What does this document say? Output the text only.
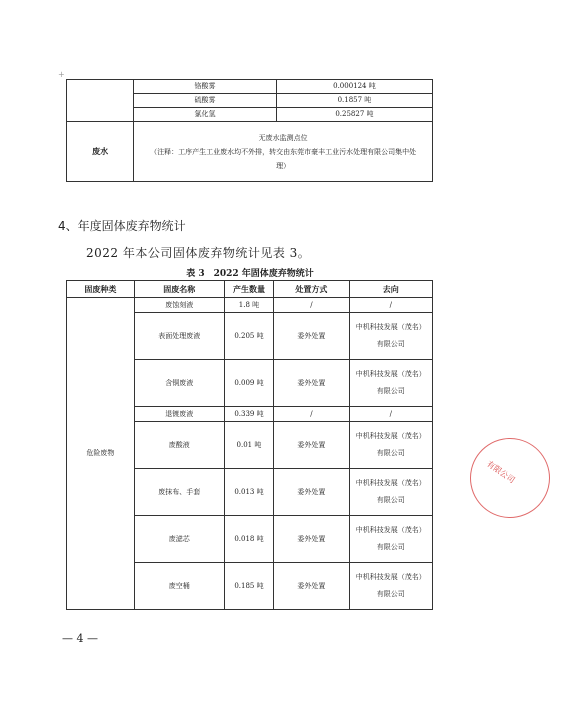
+
	铬酸雾	0.000124 吨
	硫酸雾	0.1857 吨
	氯化氢	0.25827 吨
废水	无废水监测点位
（注释：工序产生工业废水均不外排，转交由东莞市豪丰工业污水处理有限公司集中处理）	
4、年度固体废弃物统计
2022 年本公司固体废弃物统计见表 3。
表 3　2022 年固体废弃物统计
固废种类	固废名称	产生数量	处置方式	去向
危险废物	废蚀刻液	1.8 吨	/	/
	表面处理废液	0.205 吨	委外处置	中机科技发展（茂名）有限公司
	含铜废液	0.009 吨	委外处置	中机科技发展（茂名）有限公司
	退镀废液	0.339 吨	/	/
	废酸液	0.01 吨	委外处置	中机科技发展（茂名）有限公司
	废抹布、手套	0.013 吨	委外处置	中机科技发展（茂名）有限公司
	废滤芯	0.018 吨	委外处置	中机科技发展（茂名）有限公司
	废空桶	0.185 吨	委外处置	中机科技发展（茂名）有限公司
有限公司
— 4 —
